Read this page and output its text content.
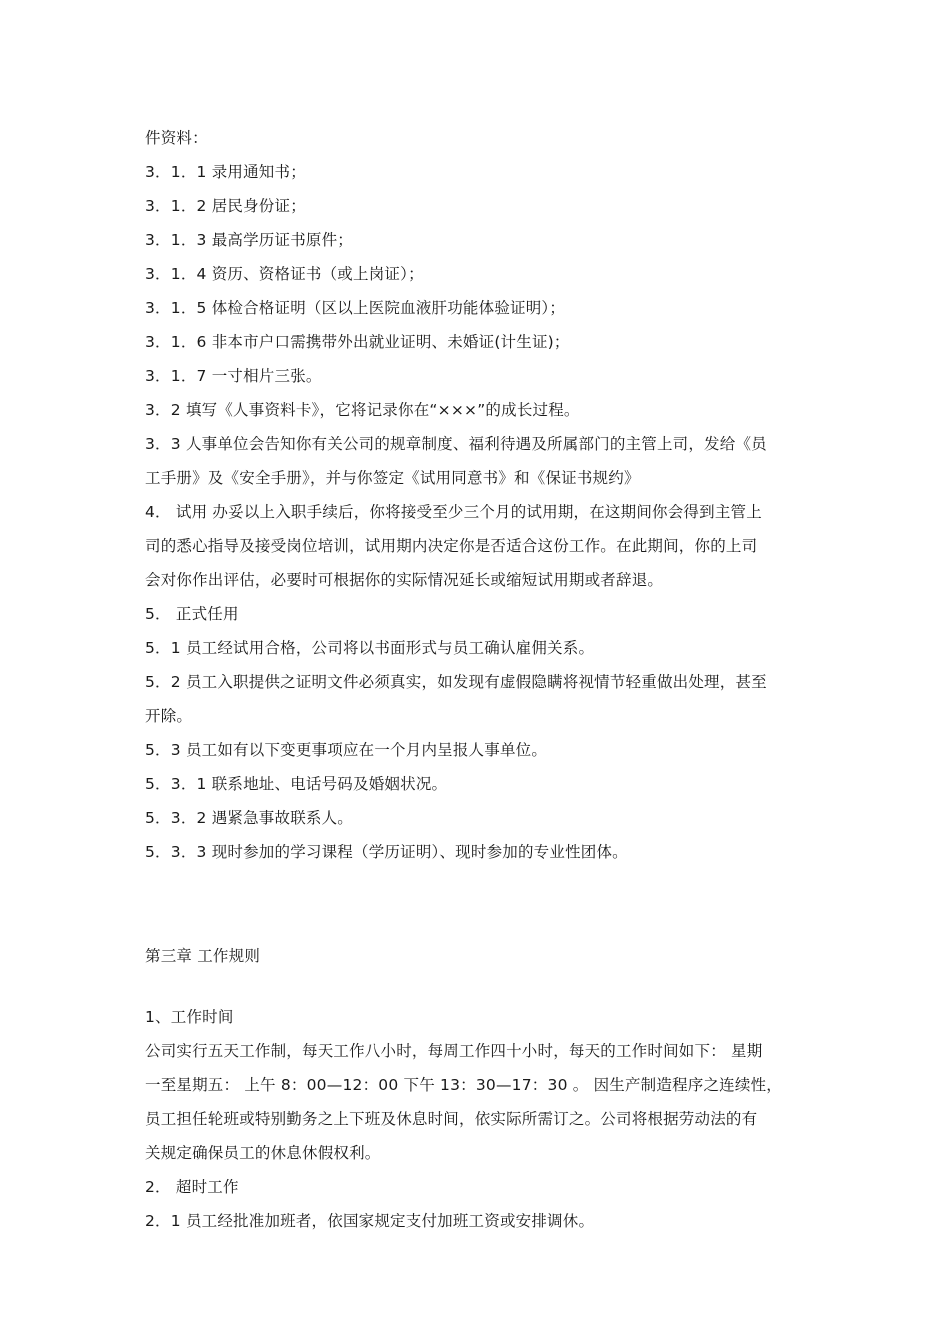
件资料：
3．1．1 录用通知书；
3．1．2 居民身份证；
3．1．3 最高学历证书原件；
3．1．4 资历、资格证书（或上岗证）；
3．1．5 体检合格证明（区以上医院血液肝功能体验证明）；
3．1．6 非本市户口需携带外出就业证明、未婚证(计生证)；
3．1．7 一寸相片三张。
3．2 填写《人事资料卡》，它将记录你在“×××”的成长过程。
3．3 人事单位会告知你有关公司的规章制度、福利待遇及所属部门的主管上司，发给《员
工手册》及《安全手册》，并与你签定《试用同意书》和《保证书规约》
4． 试用 办妥以上入职手续后，你将接受至少三个月的试用期，在这期间你会得到主管上
司的悉心指导及接受岗位培训，试用期内决定你是否适合这份工作。在此期间，你的上司
会对你作出评估，必要时可根据你的实际情况延长或缩短试用期或者辞退。
5． 正式任用
5．1 员工经试用合格，公司将以书面形式与员工确认雇佣关系。
5．2 员工入职提供之证明文件必须真实，如发现有虚假隐瞒将视情节轻重做出处理，甚至
开除。
5．3 员工如有以下变更事项应在一个月内呈报人事单位。
5．3．1 联系地址、电话号码及婚姻状况。
5．3．2 遇紧急事故联系人。
5．3．3 现时参加的学习课程（学历证明）、现时参加的专业性团体。
第三章 工作规则
1、工作时间
公司实行五天工作制，每天工作八小时，每周工作四十小时，每天的工作时间如下： 星期
一至星期五： 上午 8：00—12：00 下午 13：30—17：30 。 因生产制造程序之连续性，
员工担任轮班或特别勤务之上下班及休息时间，依实际所需订之。公司将根据劳动法的有
关规定确保员工的休息休假权利。
2． 超时工作
2．1 员工经批准加班者，依国家规定支付加班工资或安排调休。
